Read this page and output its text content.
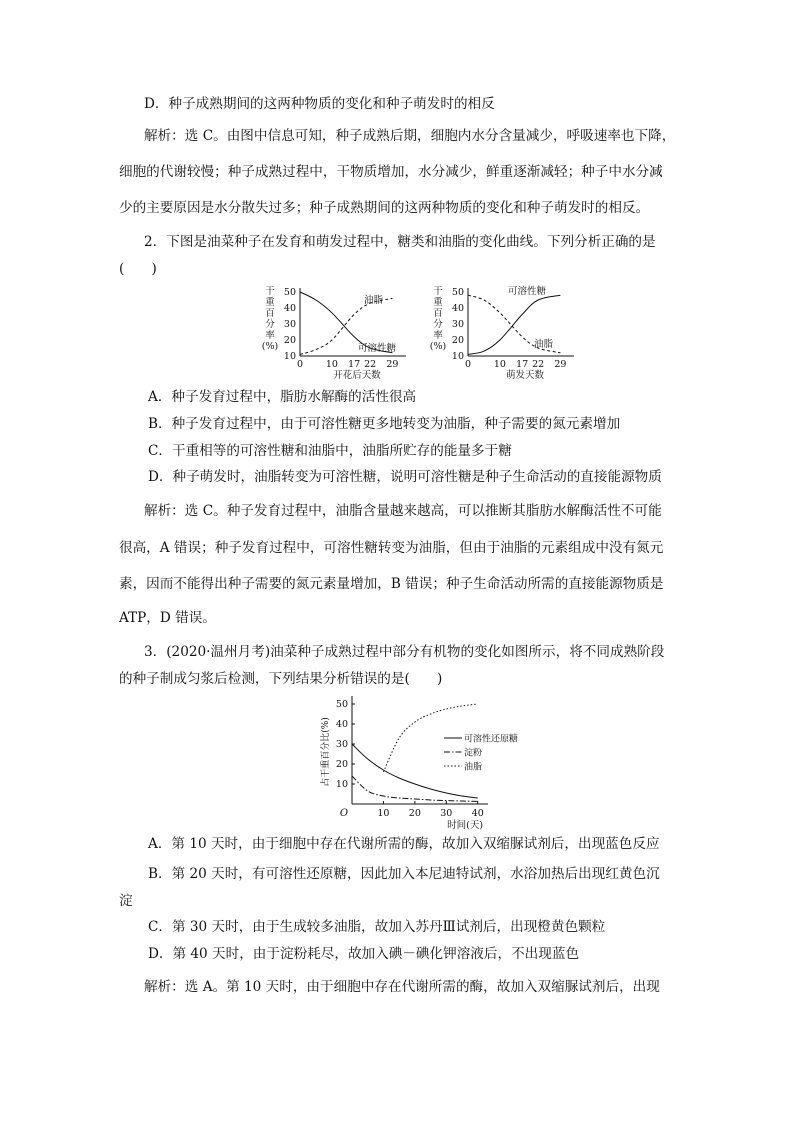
D．种子成熟期间的这两种物质的变化和种子萌发时的相反
解析：选 C。由图中信息可知，种子成熟后期，细胞内水分含量减少，呼吸速率也下降，
细胞的代谢较慢；种子成熟过程中，干物质增加，水分减少，鲜重逐渐减轻；种子中水分减
少的主要原因是水分散失过多；种子成熟期间的这两种物质的变化和种子萌发时的相反。
2．下图是油菜种子在发育和萌发过程中，糖类和油脂的变化曲线。下列分析正确的是
(　　)
干
重
百
分
率
(%)
50
40
30
20
10
0 10 17 22 29
开花后天数
可溶性糖
油脂
干
重
百
分
率
(%)
50
40
30
20
10
0 10 17 22 29
萌发天数
可溶性糖
油脂
A．种子发育过程中，脂肪水解酶的活性很高
B．种子发育过程中，由于可溶性糖更多地转变为油脂，种子需要的氮元素增加
C．干重相等的可溶性糖和油脂中，油脂所贮存的能量多于糖
D．种子萌发时，油脂转变为可溶性糖，说明可溶性糖是种子生命活动的直接能源物质
解析：选 C。种子发育过程中，油脂含量越来越高，可以推断其脂肪水解酶活性不可能
很高，A 错误；种子发育过程中，可溶性糖转变为油脂，但由于油脂的元素组成中没有氮元
素，因而不能得出种子需要的氮元素量增加，B 错误；种子生命活动所需的直接能源物质是
ATP，D 错误。
3．(2020·温州月考)油菜种子成熟过程中部分有机物的变化如图所示，将不同成熟阶段
的种子制成匀浆后检测，下列结果分析错误的是(　　)
50
40
30
20
10
O	10 20 30 40
时间(天)
占干重百分比(%)	可溶性还原糖
淀粉
油脂
A．第 10 天时，由于细胞中存在代谢所需的酶，故加入双缩脲试剂后，出现蓝色反应
B．第 20 天时，有可溶性还原糖，因此加入本尼迪特试剂，水浴加热后出现红黄色沉
淀
C．第 30 天时，由于生成较多油脂，故加入苏丹Ⅲ试剂后，出现橙黄色颗粒
D．第 40 天时，由于淀粉耗尽，故加入碘－碘化钾溶液后，不出现蓝色
解析：选 A。第 10 天时，由于细胞中存在代谢所需的酶，故加入双缩脲试剂后，出现
